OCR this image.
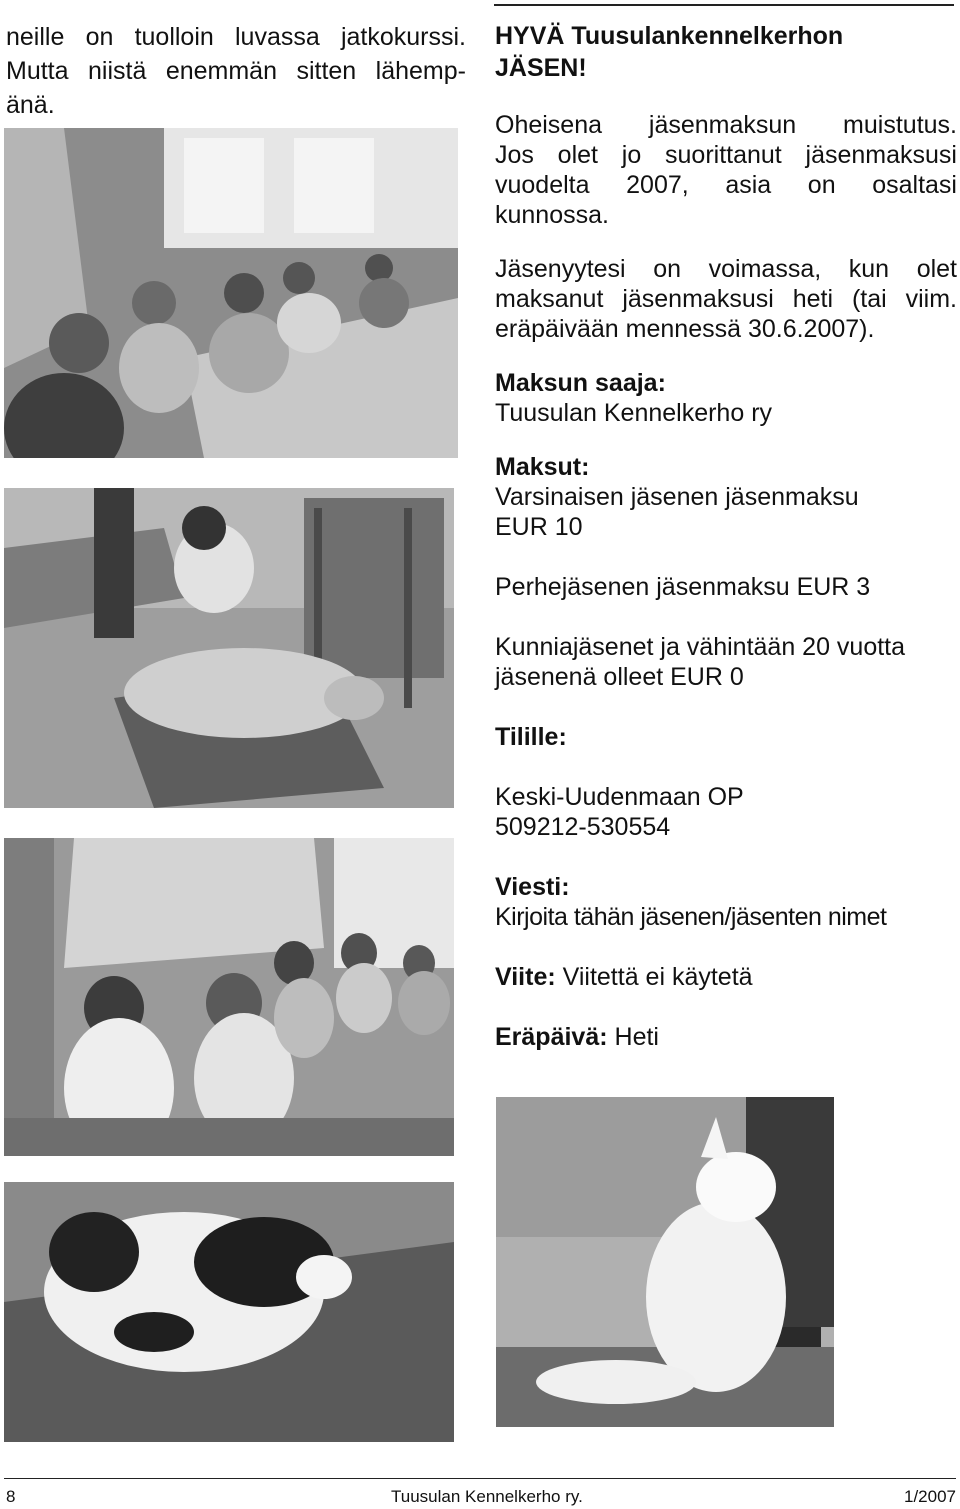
neille on tuolloin luvassa jatkokurssi.
Mutta niistä enemmän sitten lähemp-
änä.

HYVÄ Tuusulankennelkerhon
JÄSEN!

Oheisena jäsenmaksun muistutus.
Jos olet jo suorittanut jäsenmaksusi
vuodelta 2007, asia on osaltasi
kunnossa.

Jäsenyytesi on voimassa, kun olet
maksanut jäsenmaksusi heti (tai viim.
eräpäivään mennessä 30.6.2007).

Maksun saaja:
Tuusulan Kennelkerho ry

Maksut:
Varsinaisen jäsenen jäsenmaksu
EUR 10

Perhejäsenen jäsenmaksu EUR 3

Kunniajäsenet ja vähintään 20 vuotta
jäsenenä olleet EUR 0

Tilille:

Keski-Uudenmaan OP
509212-530554

Viesti:
Kirjoita tähän jäsenen/jäsenten nimet

Viite: Viitettä ei käytetä

Eräpäivä: Heti

8	Tuusulan Kennelkerho ry.	1/2007
